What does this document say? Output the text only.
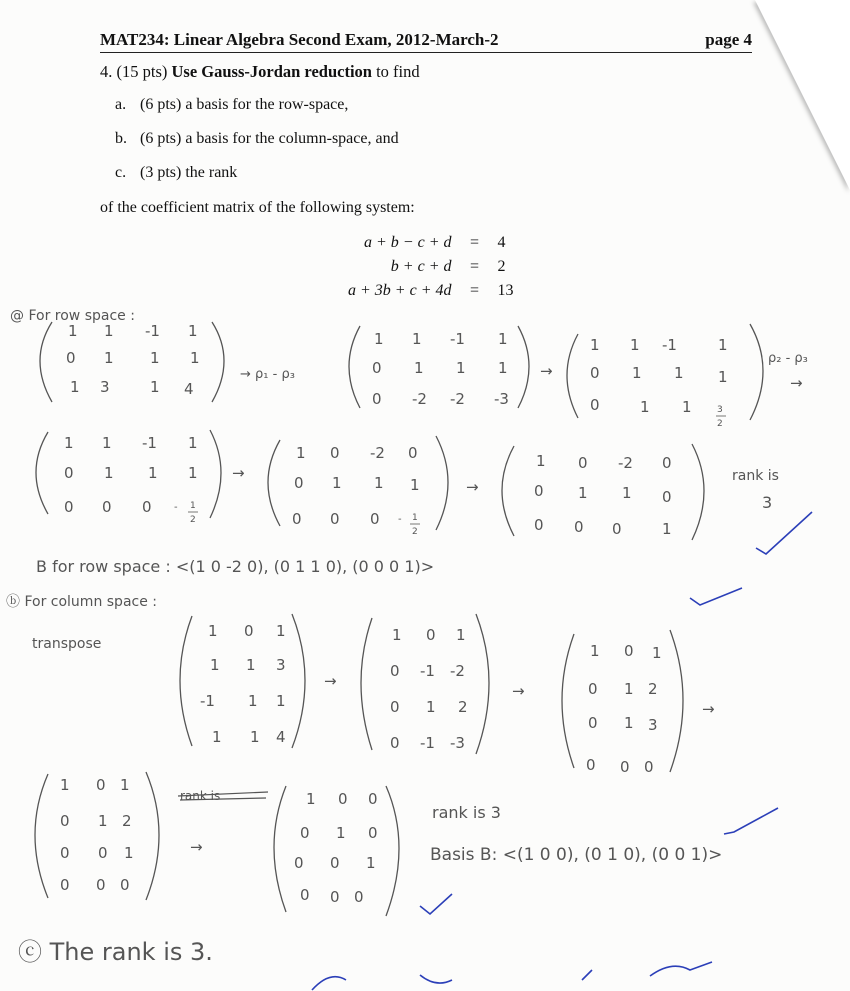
MAT234: Linear Algebra Second Exam, 2012-March-2	page 4
4. (15 pts) Use Gauss-Jordan reduction to find
a. (6 pts) a basis for the row-space,
b. (6 pts) a basis for the column-space, and
c. (3 pts) the rank
of the coefficient matrix of the following system:
a + b − c + d	=	4
b + c + d	=	2
a + 3b + c + 4d	=	13
@ For row space :
1 1 -1 1
0 1 1 1
1 3	1 4
→ ρ₁ - ρ₃
1 1 -1 1
0 1 1 1
0 -2 -2 -3
→
1 1 -1	1
0 1 1 1
0	1 1	3
2
ρ₂ - ρ₃
→
1 1 -1 1
0 1 1 1
0 0 0 - 1
2
→
1 0 -2 0
0 1 1 1
0 0 0 - 1
2
→
1 0 -2 0
0 1 1 0
0 0 0	1
rank is
3
B for row space : <(1 0 -2 0), (0 1 1 0), (0 0 0 1)>
ⓑ For column space :
transpose
1 0 1
1 1 3
-1 1 1
1 1 4
→
1 0 1
0 -1 -2
0 1 2
0 -1 -3
→
1 0 1
0 1 2
0 1 3
0 0 0
→
1 0 1
0 1 2
0 0 1
0 0 0
→
rank is	1 0 0
0 1 0
0 0 1
0 0 0
rank is 3
Basis B: <(1 0 0), (0 1 0), (0 0 1)>
ⓒ The rank is 3.
